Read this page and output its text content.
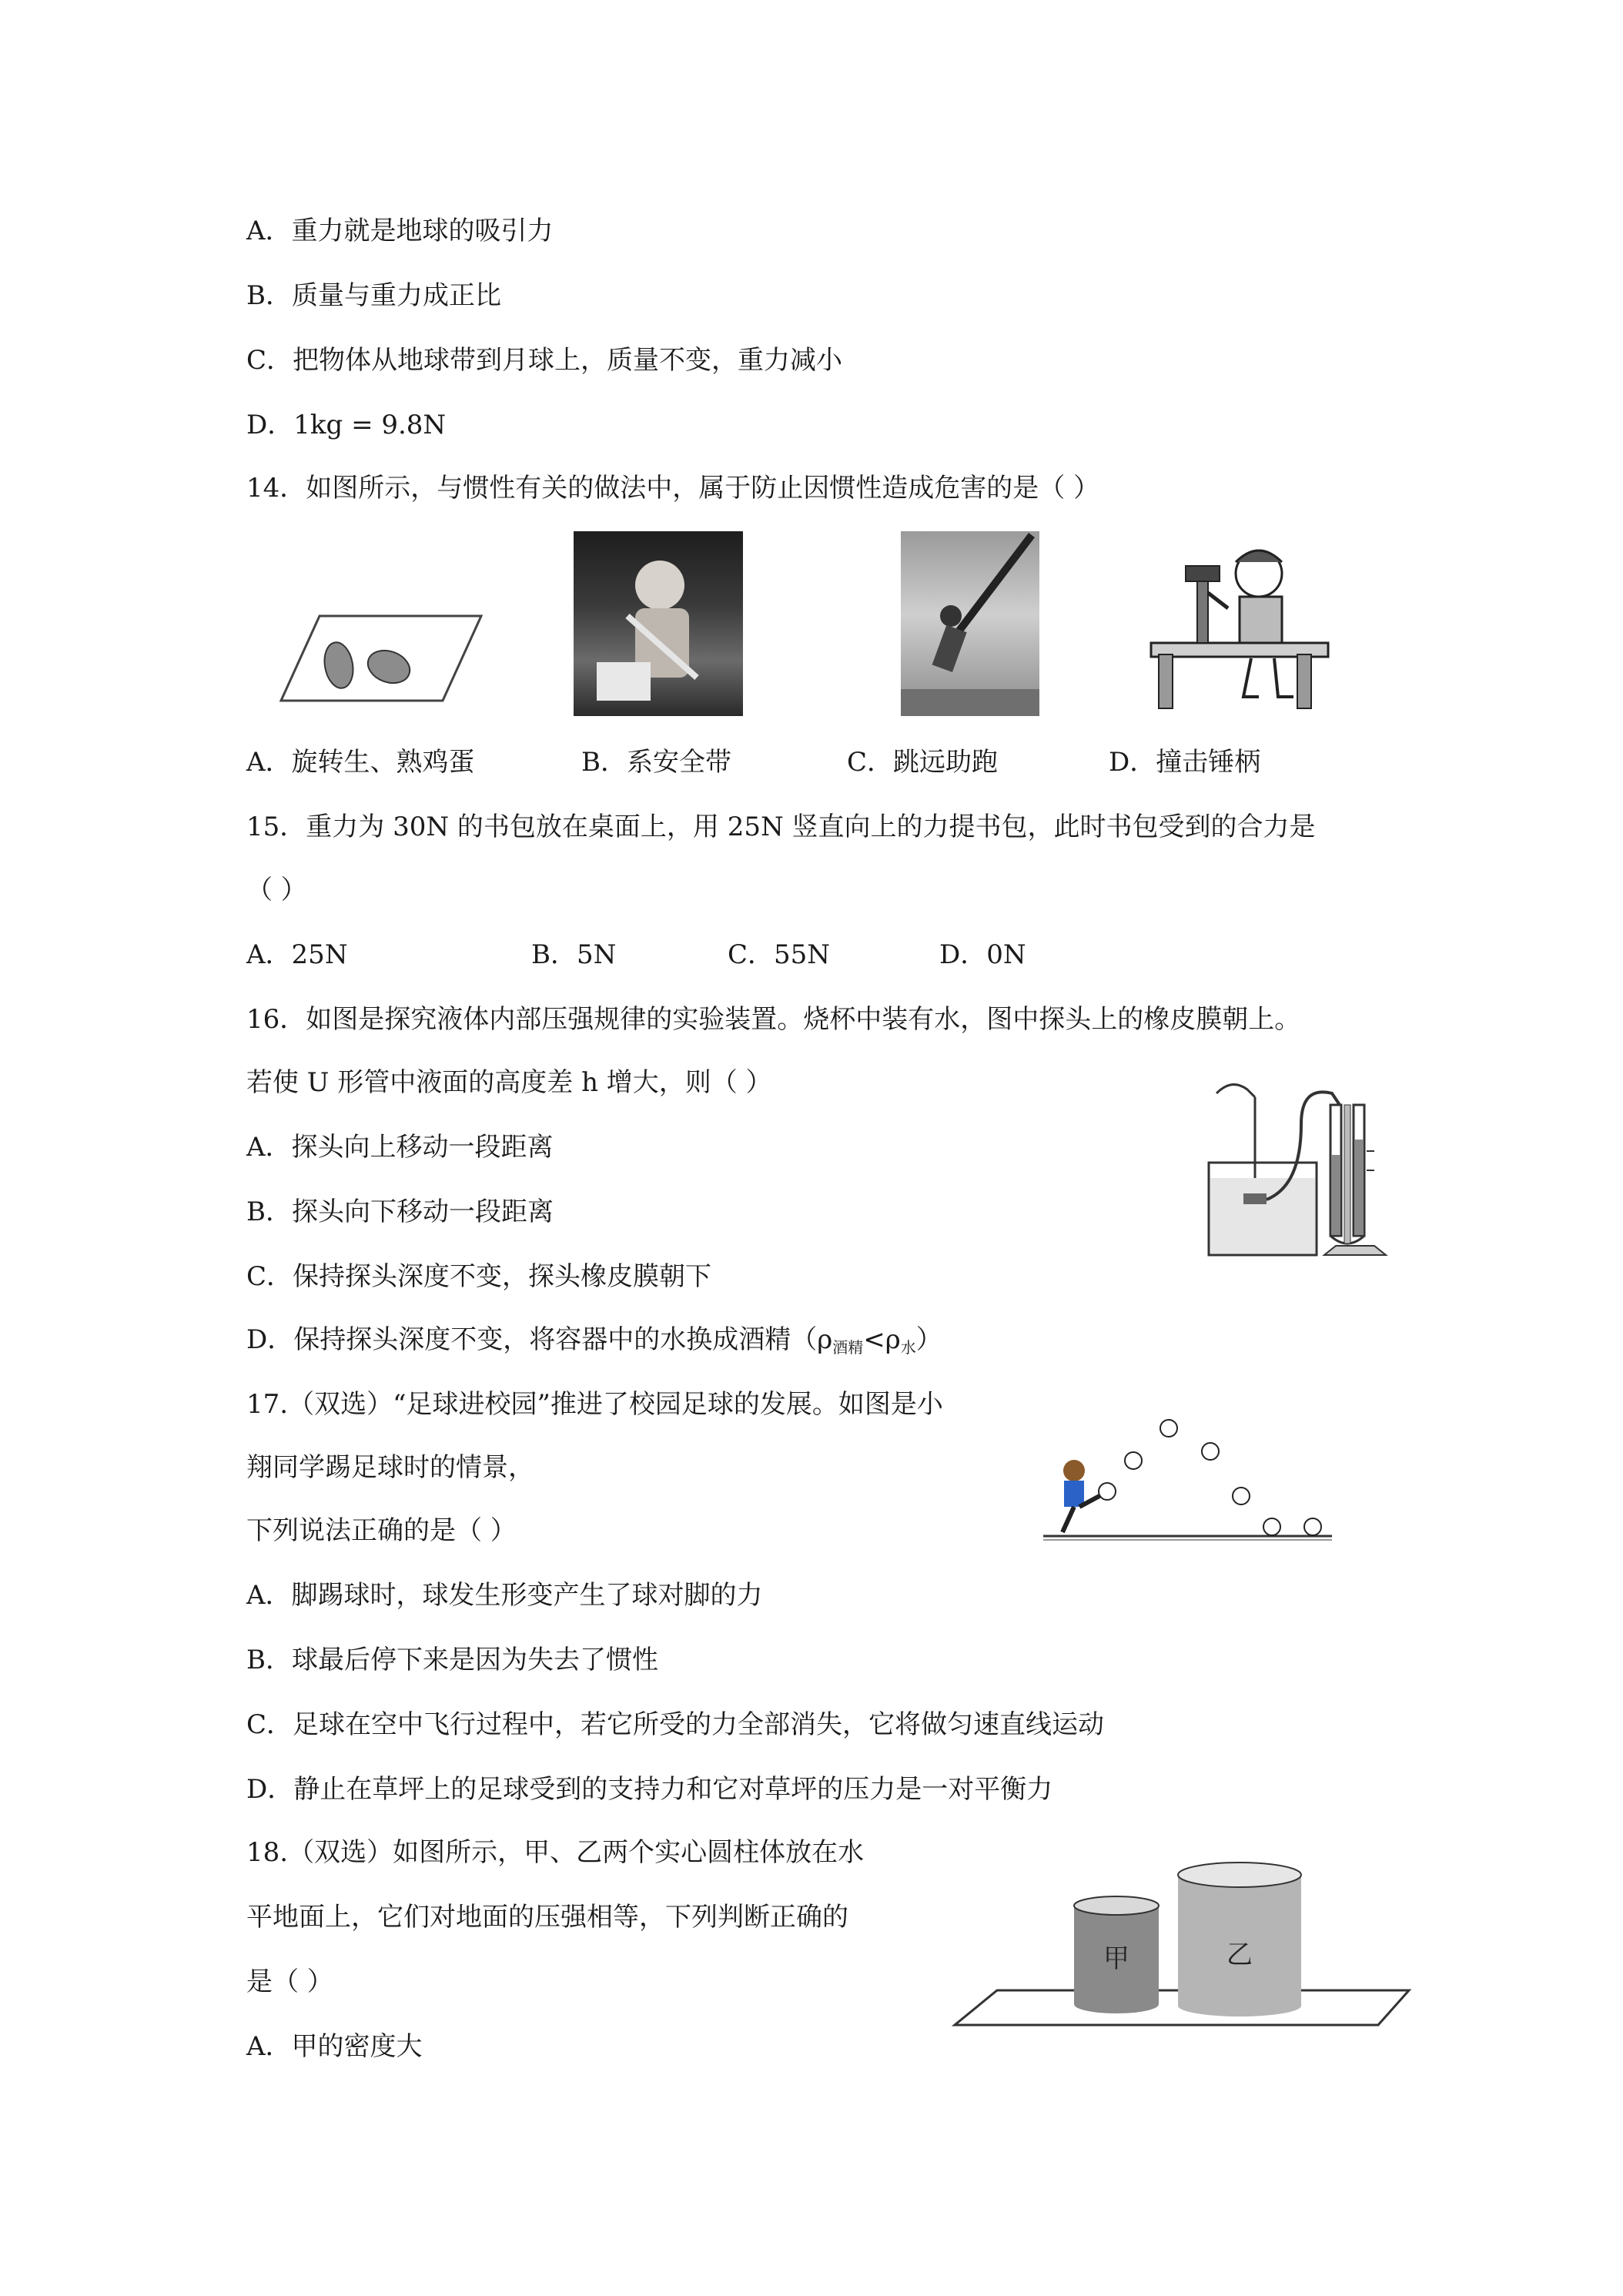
A．重力就是地球的吸引力
B．质量与重力成正比
C．把物体从地球带到月球上，质量不变，重力减小
D．1kg = 9.8N
14．如图所示，与惯性有关的做法中，属于防止因惯性造成危害的是（ ）
A．旋转生、熟鸡蛋	B．系安全带	C．跳远助跑	D．撞击锤柄
15．重力为 30N 的书包放在桌面上，用 25N 竖直向上的力提书包，此时书包受到的合力是
（ ）
A．25N	B．5N	C．55N	D．0N
16．如图是探究液体内部压强规律的实验装置。烧杯中装有水，图中探头上的橡皮膜朝上。
若使 U 形管中液面的高度差 h 增大，则（ ）
A．探头向上移动一段距离
B．探头向下移动一段距离
C．保持探头深度不变，探头橡皮膜朝下
D．保持探头深度不变，将容器中的水换成酒精$(\rho_{酒精}<\rho_水)$
17.（双选）“足球进校园”推进了校园足球的发展。如图是小
翔同学踢足球时的情景，
下列说法正确的是（ ）
A．脚踢球时，球发生形变产生了球对脚的力
B．球最后停下来是因为失去了惯性
C．足球在空中飞行过程中，若它所受的力全部消失，它将做匀速直线运动
D．静止在草坪上的足球受到的支持力和它对草坪的压力是一对平衡力
18.（双选）如图所示，甲、乙两个实心圆柱体放在水
平地面上，它们对地面的压强相等，下列判断正确的
是（ ）
A．甲的密度大
甲	乙
